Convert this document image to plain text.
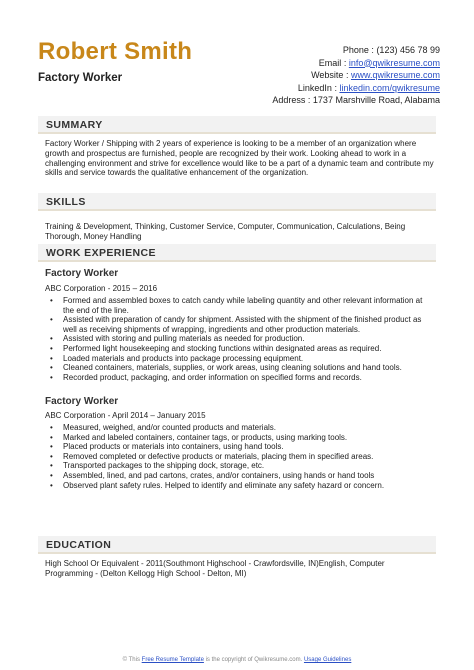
Robert Smith
Factory Worker
Phone : (123) 456 78 99
Email : info@qwikresume.com
Website : www.qwikresume.com
LinkedIn : linkedin.com/qwikresume
Address : 1737 Marshville Road, Alabama
SUMMARY
Factory Worker / Shipping with 2 years of experience is looking to be a member of an organization where growth and prospectus are furnished, people are recognized by their work. Looking ahead to work in a challenging environment and strive for excellence would like to be a part of a dynamic team and contribute my skills and service towards the qualitative enhancement of the organization.
SKILLS
Training & Development, Thinking, Customer Service, Computer, Communication, Calculations, Being Thorough, Money Handling
WORK EXPERIENCE
Factory Worker
ABC Corporation - 2015 – 2016
• Formed and assembled boxes to catch candy while labeling quantity and other relevant information at the end of the line.
• Assisted with preparation of candy for shipment. Assisted with the shipment of the finished product as well as receiving shipments of wrapping, ingredients and other production materials.
• Assisted with storing and pulling materials as needed for production.
• Performed light housekeeping and stocking functions within designated areas as required.
• Loaded materials and products into package processing equipment.
• Cleaned containers, materials, supplies, or work areas, using cleaning solutions and hand tools.
• Recorded product, packaging, and order information on specified forms and records.
Factory Worker
ABC Corporation - April 2014 – January 2015
• Measured, weighed, and/or counted products and materials.
• Marked and labeled containers, container tags, or products, using marking tools.
• Placed products or materials into containers, using hand tools.
• Removed completed or defective products or materials, placing them in specified areas.
• Transported packages to the shipping dock, storage, etc.
• Assembled, lined, and pad cartons, crates, and/or containers, using hands or hand tools
• Observed plant safety rules. Helped to identify and eliminate any safety hazard or concern.
EDUCATION
High School Or Equivalent - 2011(Southmont Highschool - Crawfordsville, IN)English, Computer Programming - (Delton Kellogg High School - Delton, MI)
© This Free Resume Template is the copyright of Qwikresume.com. Usage Guidelines
